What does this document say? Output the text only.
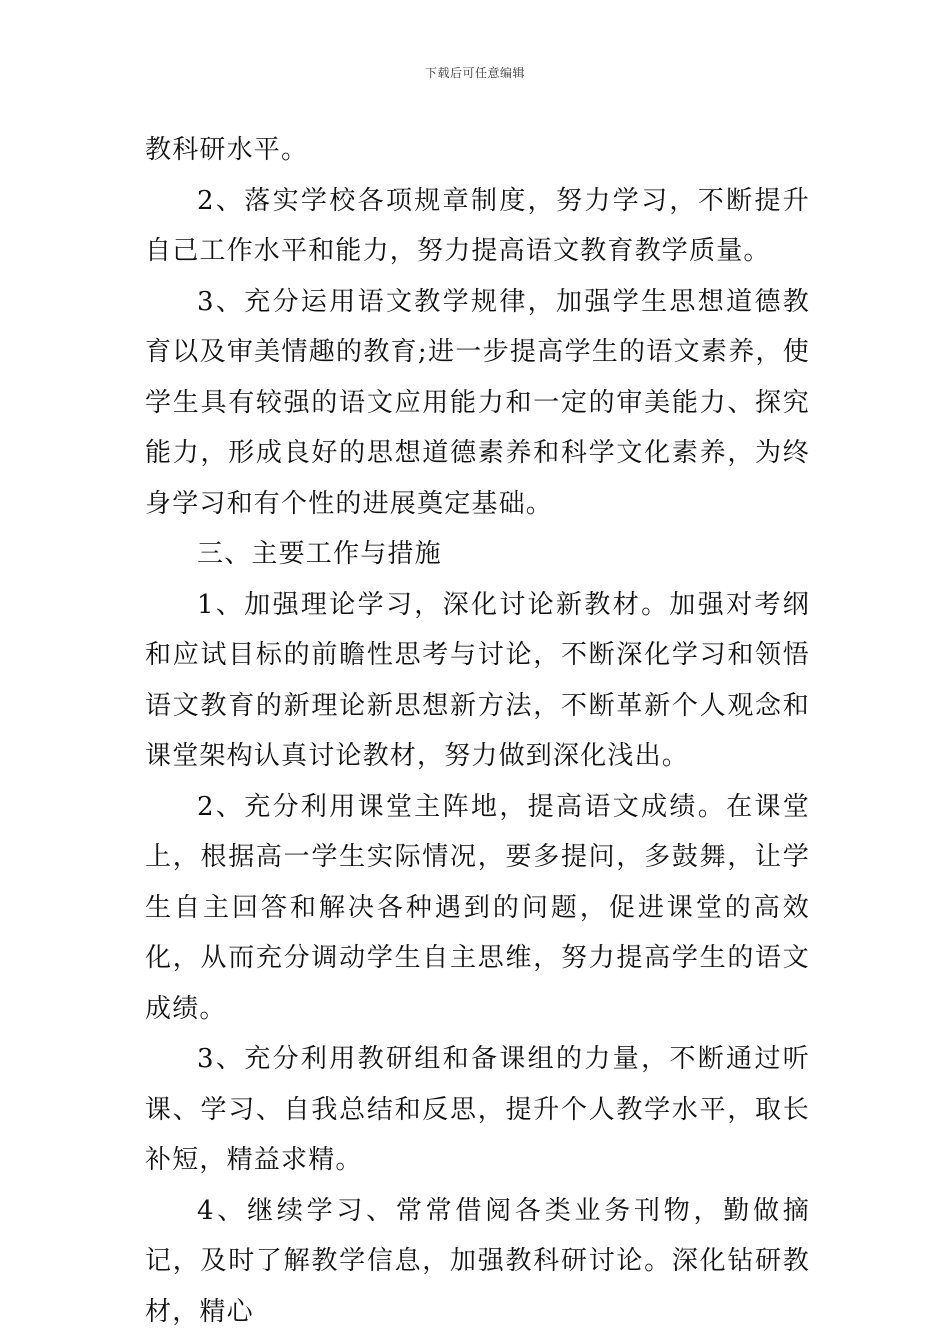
下载后可任意编辑

教科研水平。

2、落实学校各项规章制度，努力学习，不断提升自己工作水平和能力，努力提高语文教育教学质量。

3、充分运用语文教学规律，加强学生思想道德教育以及审美情趣的教育;进一步提高学生的语文素养，使学生具有较强的语文应用能力和一定的审美能力、探究能力，形成良好的思想道德素养和科学文化素养，为终身学习和有个性的进展奠定基础。

三、主要工作与措施

1、加强理论学习，深化讨论新教材。加强对考纲和应试目标的前瞻性思考与讨论，不断深化学习和领悟语文教育的新理论新思想新方法，不断革新个人观念和课堂架构认真讨论教材，努力做到深化浅出。

2、充分利用课堂主阵地，提高语文成绩。在课堂上，根据高一学生实际情况，要多提问，多鼓舞，让学生自主回答和解决各种遇到的问题，促进课堂的高效化，从而充分调动学生自主思维，努力提高学生的语文成绩。

3、充分利用教研组和备课组的力量，不断通过听课、学习、自我总结和反思，提升个人教学水平，取长补短，精益求精。

4、继续学习、常常借阅各类业务刊物，勤做摘记，及时了解教学信息，加强教科研讨论。深化钻研教材，精心
